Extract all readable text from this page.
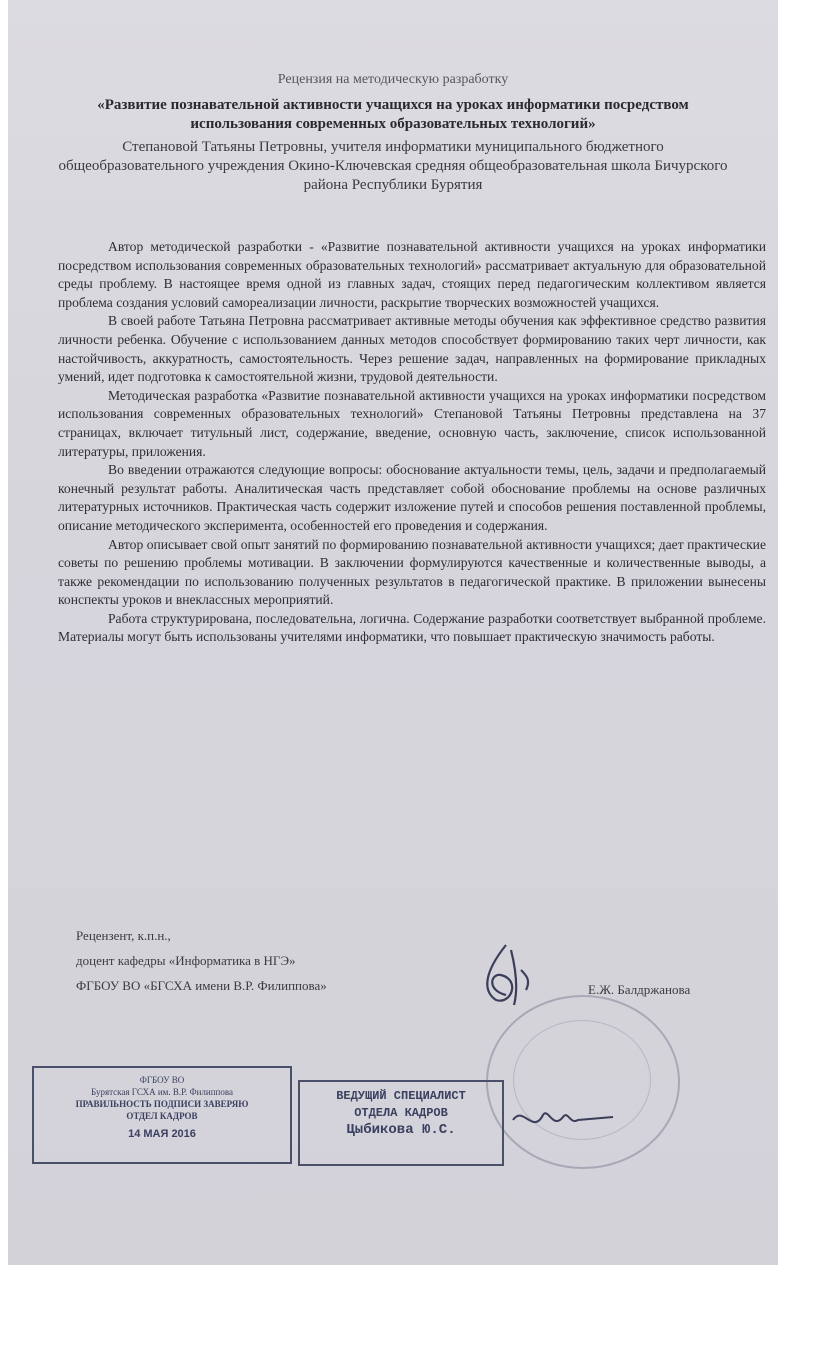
Рецензия на методическую разработку
«Развитие познавательной активности учащихся на уроках информатики посредством использования современных образовательных технологий»
Степановой Татьяны Петровны, учителя информатики муниципального бюджетного общеобразовательного учреждения Окино-Ключевская средняя общеобразовательная школа Бичурского района Республики Бурятия

Автор методической разработки - «Развитие познавательной активности учащихся на уроках информатики посредством использования современных образовательных технологий» рассматривает актуальную для образовательной среды проблему. В настоящее время одной из главных задач, стоящих перед педагогическим коллективом является проблема создания условий самореализации личности, раскрытие творческих возможностей учащихся.

В своей работе Татьяна Петровна рассматривает активные методы обучения как эффективное средство развития личности ребенка. Обучение с использованием данных методов способствует формированию таких черт личности, как настойчивость, аккуратность, самостоятельность. Через решение задач, направленных на формирование прикладных умений, идет подготовка к самостоятельной жизни, трудовой деятельности.

Методическая разработка «Развитие познавательной активности учащихся на уроках информатики посредством использования современных образовательных технологий» Степановой Татьяны Петровны представлена на 37 страницах, включает титульный лист, содержание, введение, основную часть, заключение, список использованной литературы, приложения.

Во введении отражаются следующие вопросы: обоснование актуальности темы, цель, задачи и предполагаемый конечный результат работы. Аналитическая часть представляет собой обоснование проблемы на основе различных литературных источников. Практическая часть содержит изложение путей и способов решения поставленной проблемы, описание методического эксперимента, особенностей его проведения и содержания.

Автор описывает свой опыт занятий по формированию познавательной активности учащихся; дает практические советы по решению проблемы мотивации. В заключении формулируются качественные и количественные выводы, а также рекомендации по использованию полученных результатов в педагогической практике. В приложении вынесены конспекты уроков и внеклассных мероприятий.

Работа структурирована, последовательна, логична. Содержание разработки соответствует выбранной проблеме. Материалы могут быть использованы учителями информатики, что повышает практическую значимость работы.

Рецензент, к.п.н.,
доцент кафедры «Информатика в НГЭ»
ФГБОУ ВО «БГСХА имени В.Р. Филиппова»	Е.Ж. Балдржанова
ФГБОУ ВО
Бурятская ГСХА им. В.Р. Филиппова
ПРАВИЛЬНОСТЬ ПОДПИСИ ЗАВЕРЯЮ
ОТДЕЛ КАДРОВ
14 МАЯ 2016
ВЕДУЩИЙ СПЕЦИАЛИСТ
ОТДЕЛА КАДРОВ
Цыбикова Ю.С.
